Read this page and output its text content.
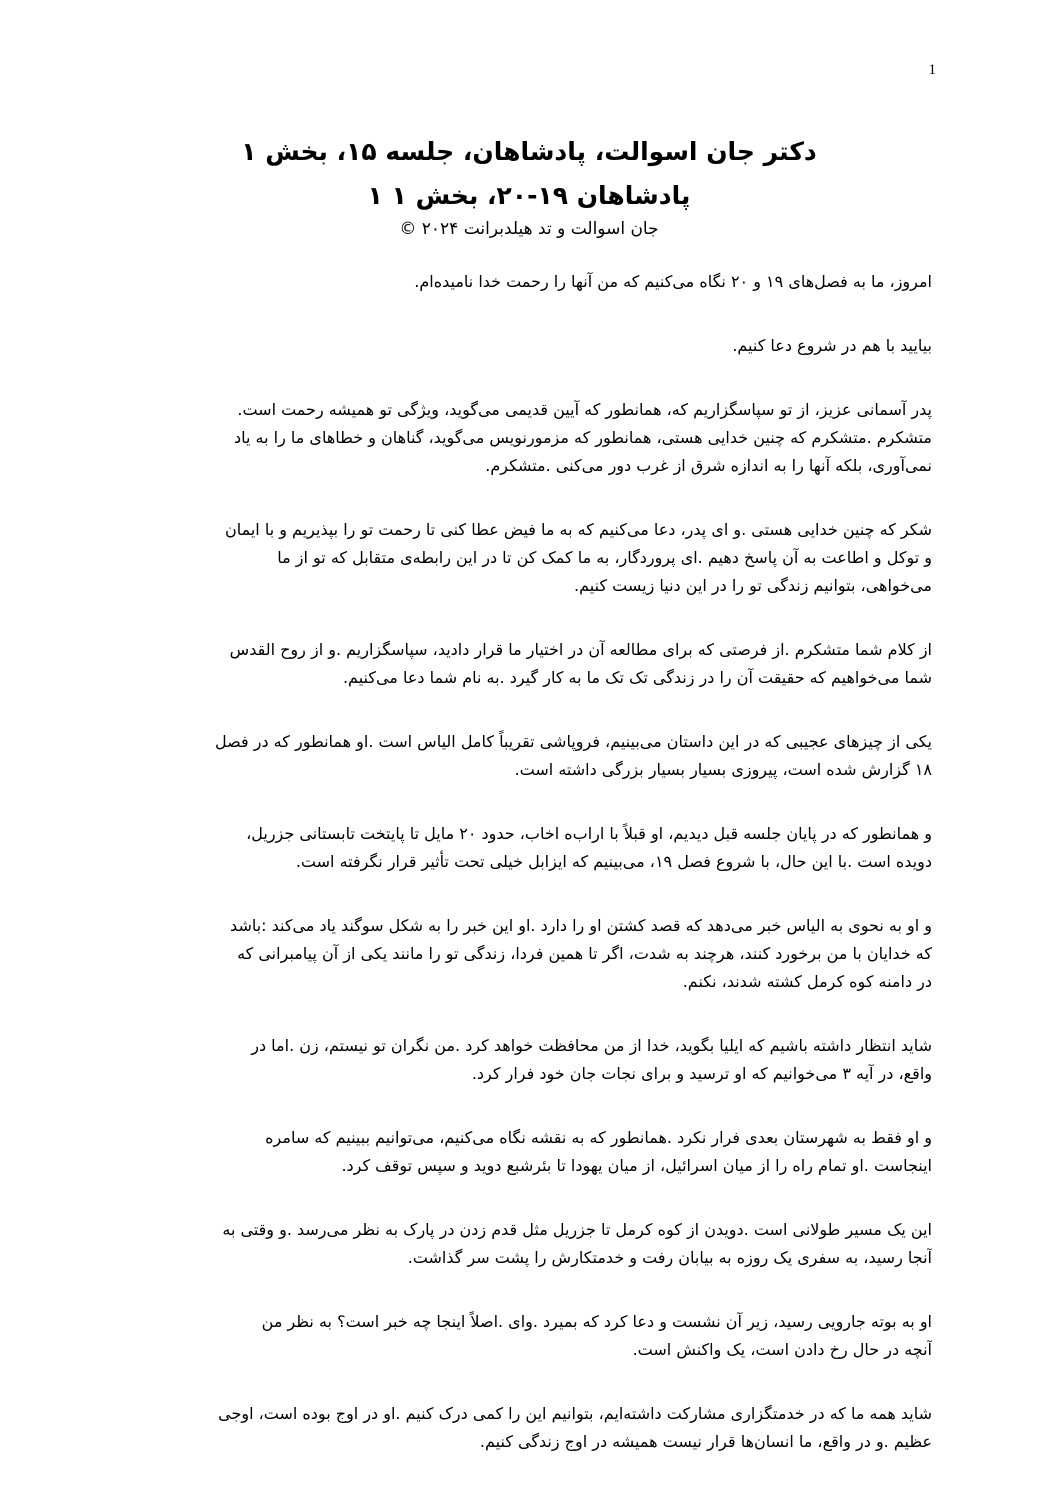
1
دکتر جان اسوالت، پادشاهان، جلسه ۱۵، بخش ۱
پادشاهان ۱۹-۲۰، بخش ۱ ۱
جان اسوالت و تد هیلدبرانت ۲۰۲۴ ©
امروز، ما به فصل‌های ۱۹ و ۲۰ نگاه می‌کنیم که من آنها را رحمت خدا نامیده‌ام.
بیایید با هم در شروع دعا کنیم.
پدر آسمانی عزیز، از تو سپاسگزاریم که، همانطور که آیین قدیمی می‌گوید، ویژگی تو همیشه رحمت است.
متشکرم .متشکرم که چنین خدایی هستی، همانطور که مزمورنویس می‌گوید، گناهان و خطاهای ما را به یاد
نمی‌آوری، بلکه آنها را به اندازه شرق از غرب دور می‌کنی .متشکرم.
شکر که چنین خدایی هستی .و ای پدر، دعا می‌کنیم که به ما فیض عطا کنی تا رحمت تو را بپذیریم و با ایمان
و توکل و اطاعت به آن پاسخ دهیم .ای پروردگار، به ما کمک کن تا در این رابطه‌ی متقابل که تو از ما
می‌خواهی، بتوانیم زندگی تو را در این دنیا زیست کنیم.
از کلام شما متشکرم .از فرصتی که برای مطالعه آن در اختیار ما قرار دادید، سپاسگزاریم .و از روح القدس
شما می‌خواهیم که حقیقت آن را در زندگی تک تک ما به کار گیرد .به نام شما دعا می‌کنیم.
یکی از چیزهای عجیبی که در این داستان می‌بینیم، فروپاشی تقریباً کامل الیاس است .او همانطور که در فصل
۱۸ گزارش شده است، پیروزی بسیار بسیار بزرگی داشته است.
و همانطور که در پایان جلسه قبل دیدیم، او قبلاً با اراب‌ه اخاب، حدود ۲۰ مایل تا پایتخت تابستانی جزریل،
دویده است .با این حال، با شروع فصل ۱۹، می‌بینیم که ایزابل خیلی تحت تأثیر قرار نگرفته است.
و او به نحوی به الیاس خبر می‌دهد که قصد کشتن او را دارد .او این خبر را به شکل سوگند یاد می‌کند :باشد
که خدایان با من برخورد کنند، هرچند به شدت، اگر تا همین فردا، زندگی تو را مانند یکی از آن پیامبرانی که
در دامنه کوه کرمل کشته شدند، نکنم.
شاید انتظار داشته باشیم که ایلیا بگوید، خدا از من محافظت خواهد کرد .من نگران تو نیستم، زن .اما در
واقع، در آیه ۳ می‌خوانیم که او ترسید و برای نجات جان خود فرار کرد.
و او فقط به شهرستان بعدی فرار نکرد .همانطور که به نقشه نگاه می‌کنیم، می‌توانیم ببینیم که سامره
اینجاست .او تمام راه را از میان اسرائیل، از میان یهودا تا بئرشبع دوید و سپس توقف کرد.
این یک مسیر طولانی است .دویدن از کوه کرمل تا جزریل مثل قدم زدن در پارک به نظر می‌رسد .و وقتی به
آنجا رسید، به سفری یک روزه به بیابان رفت و خدمتکارش را پشت سر گذاشت.
او به بوته جارویی رسید، زیر آن نشست و دعا کرد که بمیرد .وای .اصلاً اینجا چه خبر است؟ به نظر من
آنچه در حال رخ دادن است، یک واکنش است.
شاید همه ما که در خدمتگزاری مشارکت داشته‌ایم، بتوانیم این را کمی درک کنیم .او در اوج بوده است، اوجی
عظیم .و در واقع، ما انسان‌ها قرار نیست همیشه در اوج زندگی کنیم.
